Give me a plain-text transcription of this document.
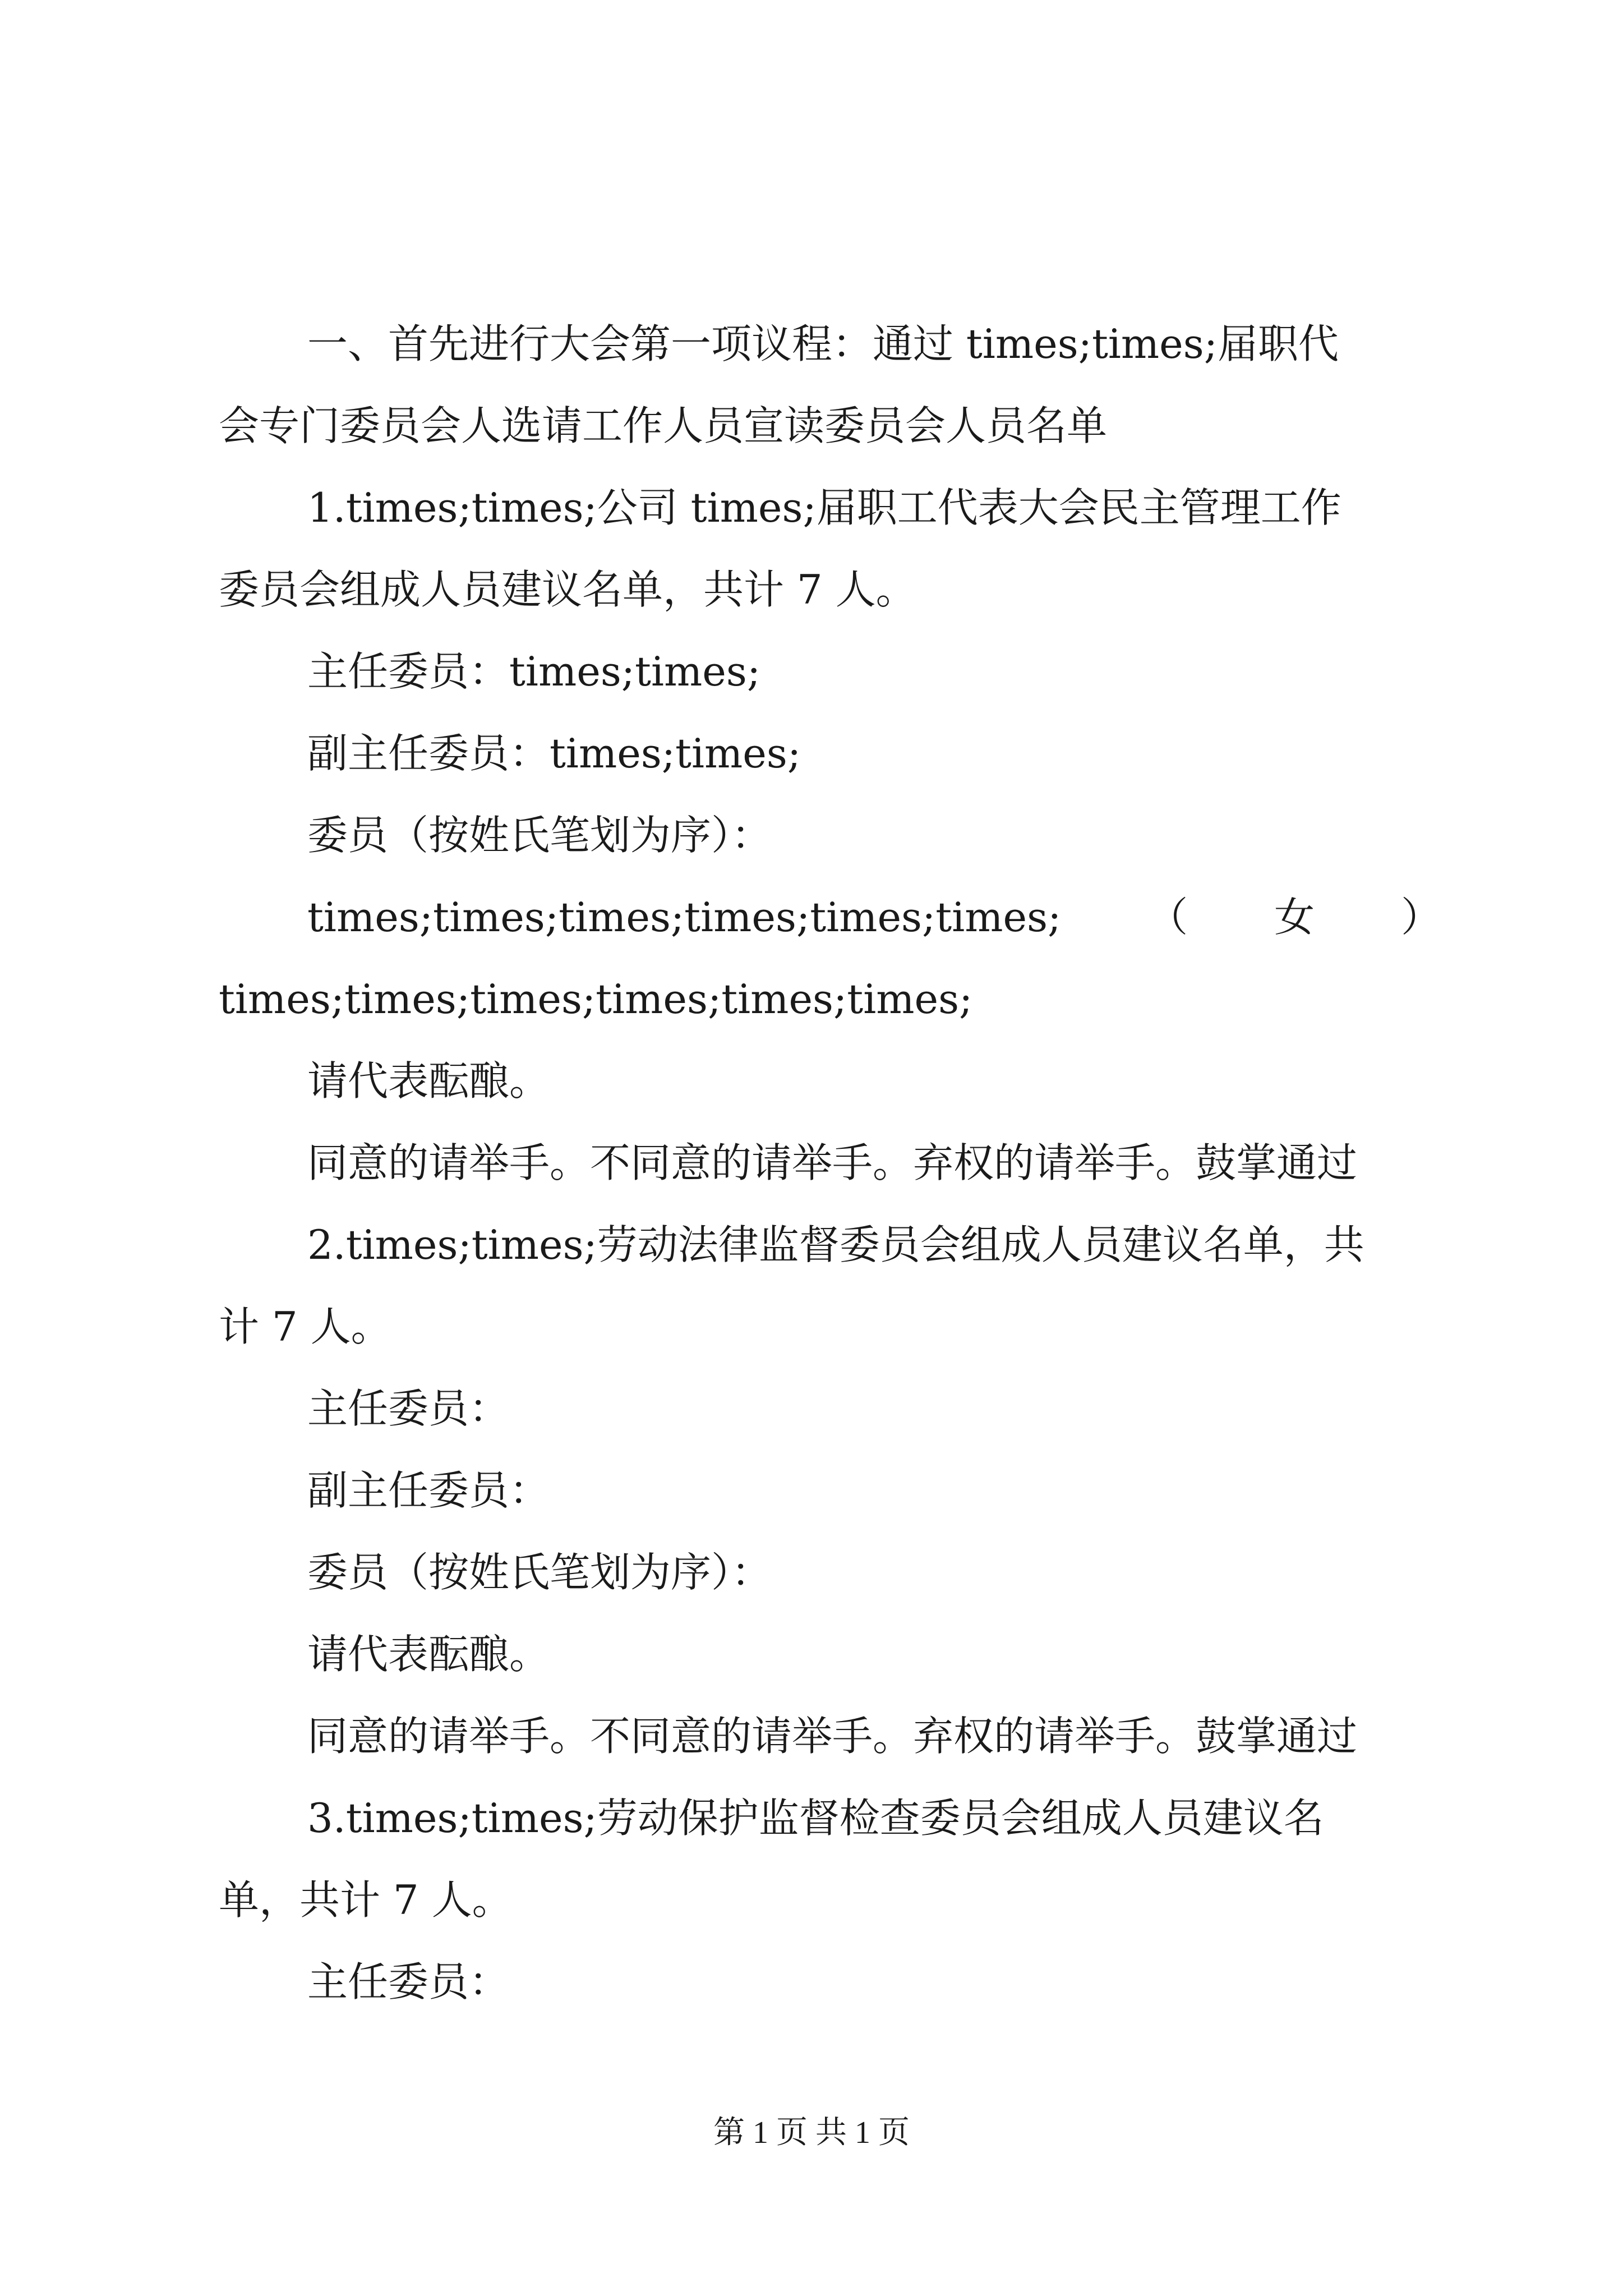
一、首先进行大会第一项议程：通过 times;times;届职代
会专门委员会人选请工作人员宣读委员会人员名单
1.times;times;公司 times;届职工代表大会民主管理工作
委员会组成人员建议名单，共计 7 人。
主任委员：times;times;
副主任委员：times;times;
委员（按姓氏笔划为序）：
times;times;times;times;times;times; （ 女 ）
times;times;times;times;times;times;
请代表酝酿。
同意的请举手。不同意的请举手。弃权的请举手。鼓掌通过
2.times;times;劳动法律监督委员会组成人员建议名单，共
计 7 人。
主任委员：
副主任委员：
委员（按姓氏笔划为序）：
请代表酝酿。
同意的请举手。不同意的请举手。弃权的请举手。鼓掌通过
3.times;times;劳动保护监督检查委员会组成人员建议名
单，共计 7 人。
主任委员：
第 1 页 共 1 页
